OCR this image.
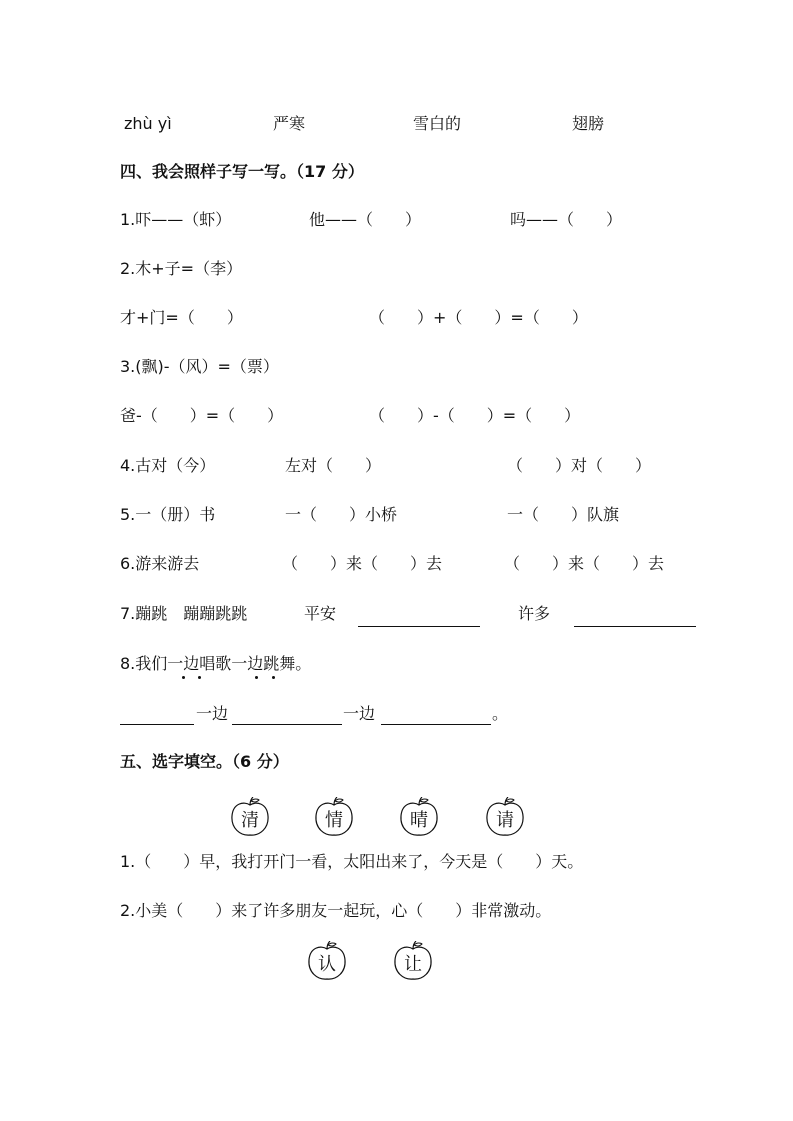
zhù yì	严寒	雪白的	翅膀
四、我会照样子写一写。（17 分）
1.吓——（虾）	他——（　　）	吗——（　　）
2.木+子=（李）
才+门=（　　）	（　　）+（　　）=（　　）
3.(飘)-（风）=（票）
爸-（　　）=（　　）	（　　）-（　　）=（　　）
4.古对（今）	左对（　　）	（　　）对（　　）
5.一（册）书	一（　　）小桥	一（　　）队旗
6.游来游去	（　　）来（　　）去	（　　）来（　　）去
7.蹦跳　蹦蹦跳跳	平安	许多
8.我们一边唱歌一边跳舞。
一边	一边	。
五、选字填空。（6 分）
清	情	晴	请
1.（　　）早，我打开门一看，太阳出来了，今天是（　　）天。
2.小美（　　）来了许多朋友一起玩，心（　　）非常激动。
认	让
